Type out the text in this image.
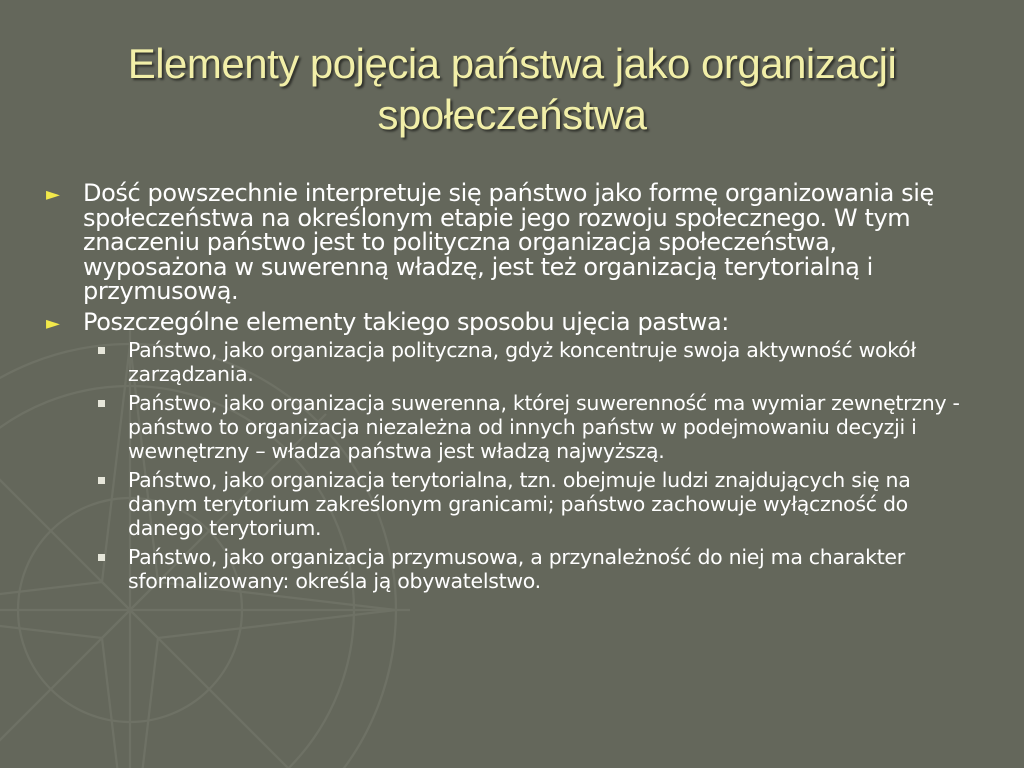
Elementy pojęcia państwa jako organizacji
społeczeństwa
► Dość powszechnie interpretuje się państwo jako formę organizowania się społeczeństwa na określonym etapie jego rozwoju społecznego. W tym znaczeniu państwo jest to polityczna organizacja społeczeństwa, wyposażona w suwerenną władzę, jest też organizacją terytorialną i przymusową.
► Poszczególne elementy takiego sposobu ujęcia pastwa:
Państwo, jako organizacja polityczna, gdyż koncentruje swoja aktywność wokół zarządzania.
Państwo, jako organizacja suwerenna, której suwerenność ma wymiar zewnętrzny - państwo to organizacja niezależna od innych państw w podejmowaniu decyzji i wewnętrzny – władza państwa jest władzą najwyższą.
Państwo, jako organizacja terytorialna, tzn. obejmuje ludzi znajdujących się na danym terytorium zakreślonym granicami; państwo zachowuje wyłączność do danego terytorium.
Państwo, jako organizacja przymusowa, a przynależność do niej ma charakter sformalizowany: określa ją obywatelstwo.
